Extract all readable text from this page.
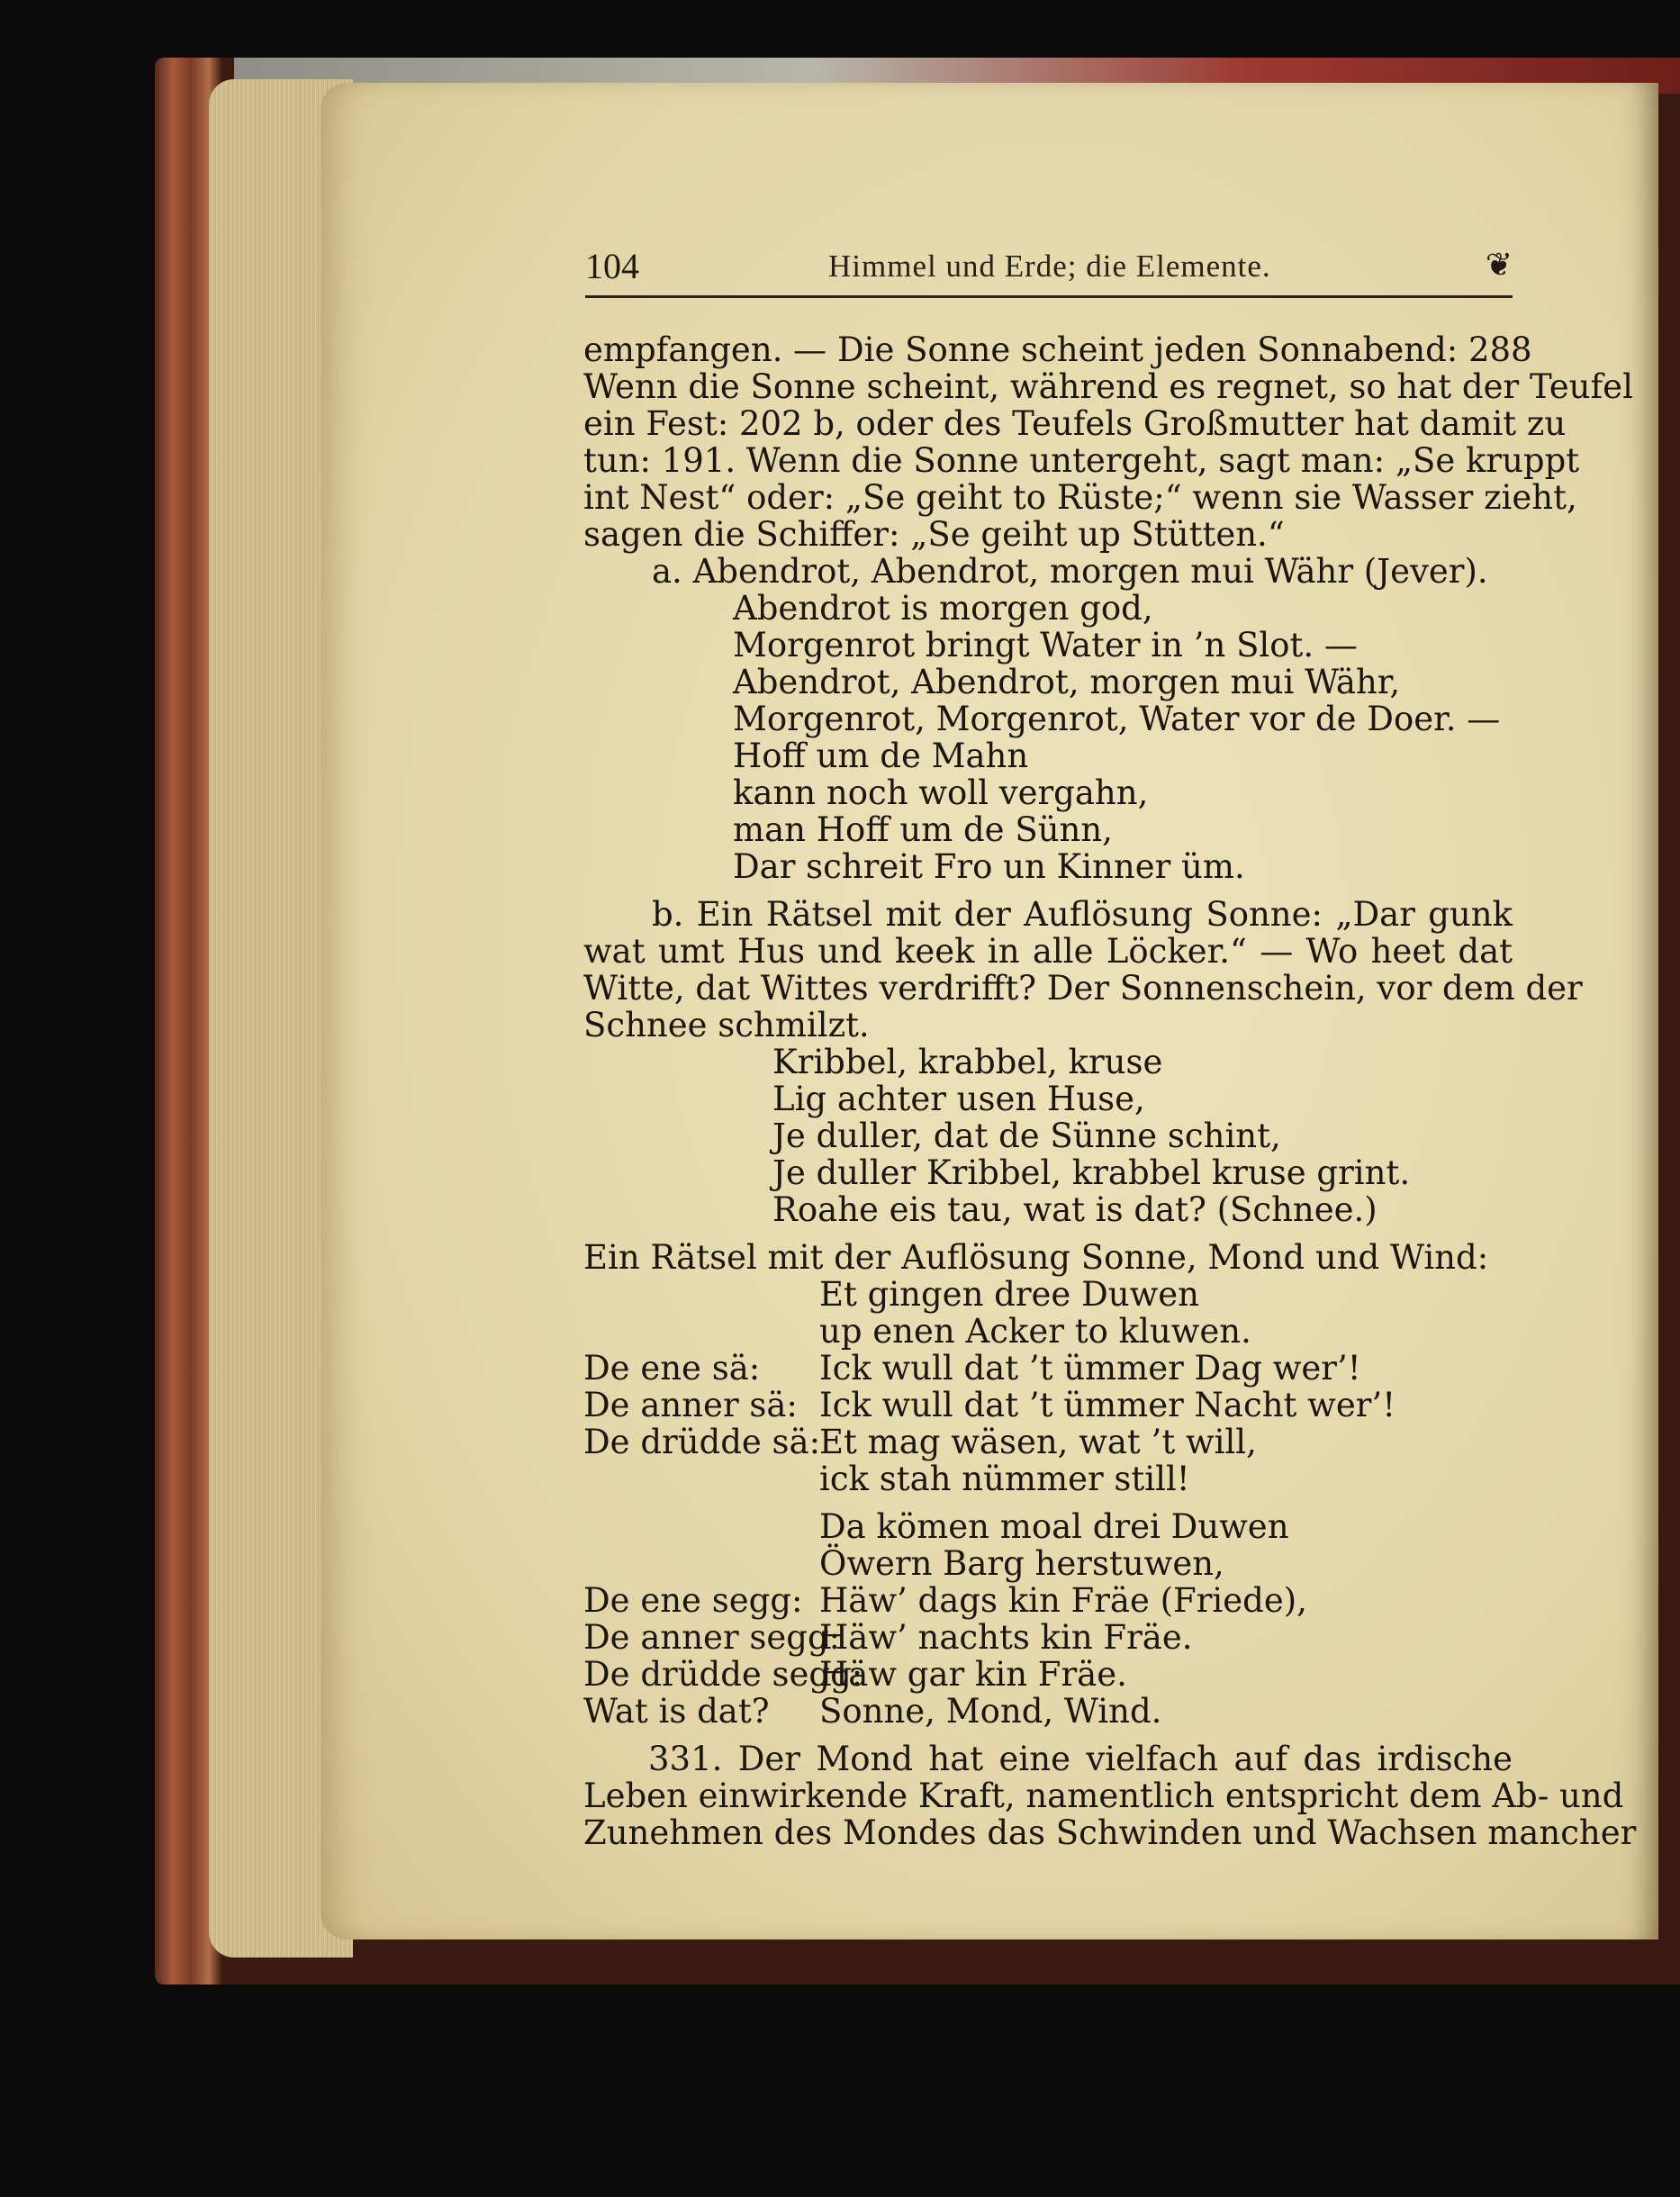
104	Himmel und Erde; die Elemente.	❦
empfangen. — Die Sonne scheint jeden Sonnabend: 288
Wenn die Sonne scheint, während es regnet, so hat der Teufel
ein Fest: 202 b, oder des Teufels Großmutter hat damit zu
tun: 191. Wenn die Sonne untergeht, sagt man: „Se kruppt
int Nest“ oder: „Se geiht to Rüste;“ wenn sie Wasser zieht,
sagen die Schiffer: „Se geiht up Stütten.“
a. Abendrot, Abendrot, morgen mui Währ (Jever).
Abendrot is morgen god,
Morgenrot bringt Water in ’n Slot. —
Abendrot, Abendrot, morgen mui Währ,
Morgenrot, Morgenrot, Water vor de Doer. —
Hoff um de Mahn
kann noch woll vergahn,
man Hoff um de Sünn,
Dar schreit Fro un Kinner üm.
b. Ein Rätsel mit der Auflösung Sonne: „Dar gunk
wat umt Hus und keek in alle Löcker.“ — Wo heet dat
Witte, dat Wittes verdrifft? Der Sonnenschein, vor dem der
Schnee schmilzt.
Kribbel, krabbel, kruse
Lig achter usen Huse,
Je duller, dat de Sünne schint,
Je duller Kribbel, krabbel kruse grint.
Roahe eis tau, wat is dat? (Schnee.)
Ein Rätsel mit der Auflösung Sonne, Mond und Wind:
Et gingen dree Duwen
up enen Acker to kluwen.
De ene sä:	Ick wull dat ’t ümmer Dag wer’!
De anner sä: Ick wull dat ’t ümmer Nacht wer’!
De drüdde sä:
Et mag wäsen, wat ’t will,
ick stah nümmer still!
Da kömen moal drei Duwen
Öwern Barg herstuwen,
De ene segg: Häw’ dags kin Fräe (Friede),
De anner segg:
Häw’ nachts kin Fräe.
De drüdde segg:
Häw gar kin Fräe.
Wat is dat?	Sonne, Mond, Wind.
331. Der Mond hat eine vielfach auf das irdische
Leben einwirkende Kraft, namentlich entspricht dem Ab- und
Zunehmen des Mondes das Schwinden und Wachsen mancher
